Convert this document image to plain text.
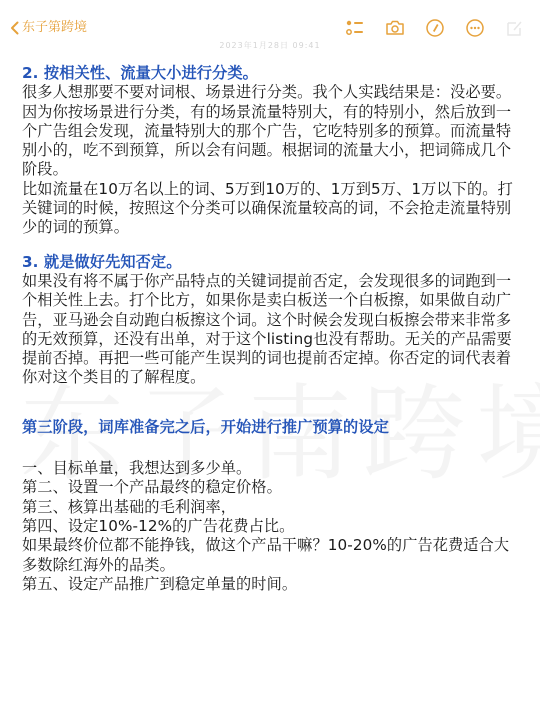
东子第跨境
2023年1月28日 09:41

2. 按相关性、流量大小进行分类。

很多人想那要不要对词根、场景进行分类。我个人实践结果是：没必要。因为你按场景进行分类，有的场景流量特别大，有的特别小，然后放到一个广告组会发现，流量特别大的那个广告，它吃特别多的预算。而流量特别小的，吃不到预算，所以会有问题。根据词的流量大小，把词筛成几个阶段。

比如流量在10万名以上的词、5万到10万的、1万到5万、1万以下的。打关键词的时候，按照这个分类可以确保流量较高的词，不会抢走流量特别少的词的预算。

3. 就是做好先知否定。

如果没有将不属于你产品特点的关键词提前否定，会发现很多的词跑到一个相关性上去。打个比方，如果你是卖白板送一个白板擦，如果做自动广告，亚马逊会自动跑白板擦这个词。这个时候会发现白板擦会带来非常多的无效预算，还没有出单，对于这个listing也没有帮助。无关的产品需要提前否掉。再把一些可能产生误判的词也提前否定掉。你否定的词代表着你对这个类目的了解程度。

第三阶段，词库准备完之后，开始进行推广预算的设定

一、目标单量，我想达到多少单。

第二、设置一个产品最终的稳定价格。

第三、核算出基础的毛利润率，

第四、设定10%-12%的广告花费占比。

如果最终价位都不能挣钱，做这个产品干嘛？10-20%的广告花费适合大多数除红海外的品类。

第五、设定产品推广到稳定单量的时间。
